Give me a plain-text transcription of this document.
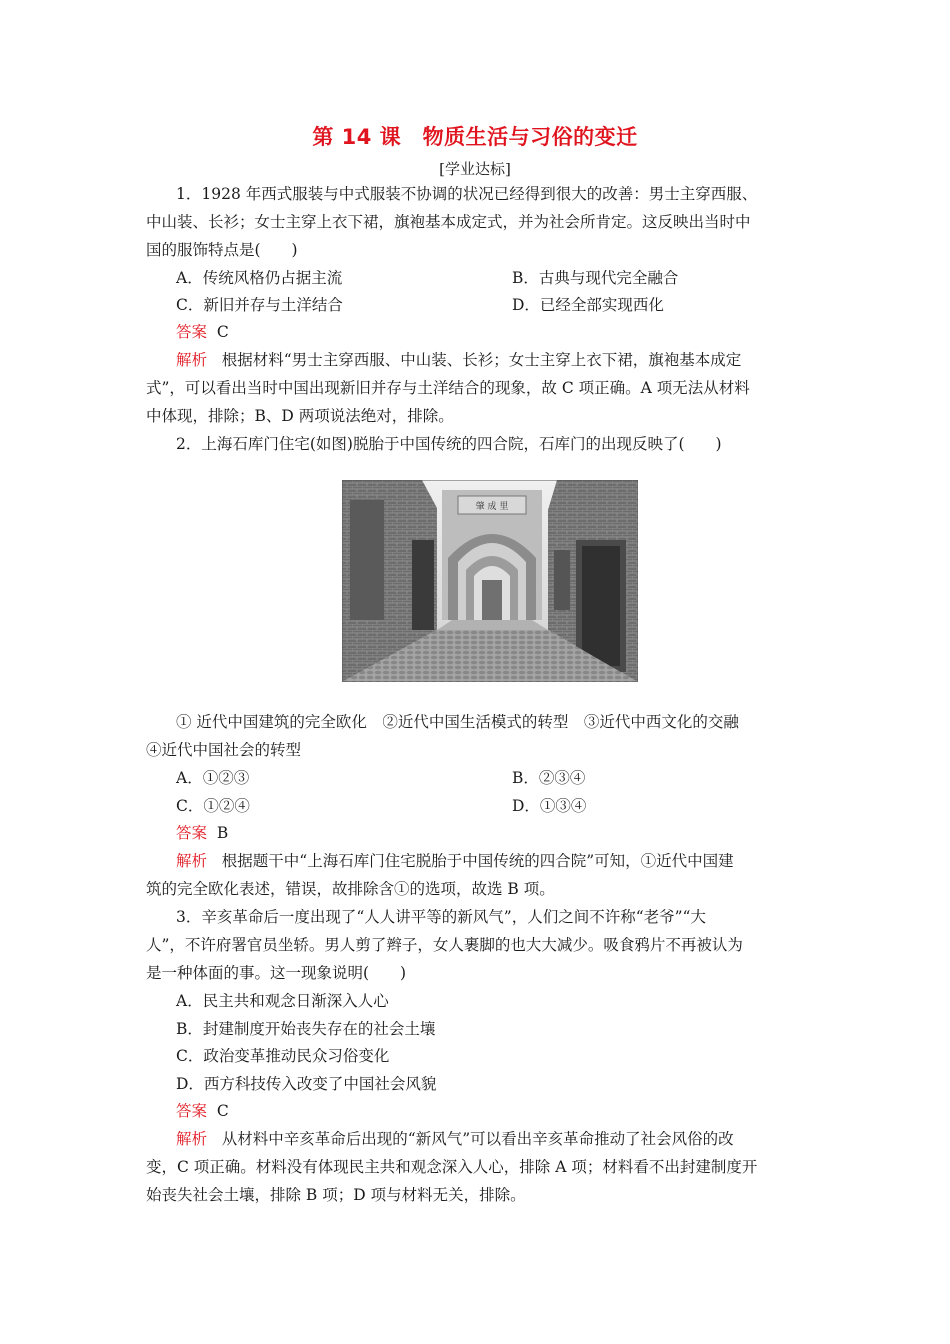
第 14 课　物质生活与习俗的变迁
[学业达标]
1．1928 年西式服装与中式服装不协调的状况已经得到很大的改善：男士主穿西服、
中山装、长衫；女士主穿上衣下裙，旗袍基本成定式，并为社会所肯定。这反映出当时中
国的服饰特点是(　　)
A．传统风格仍占据主流	B．古典与现代完全融合
C．新旧并存与土洋结合	D．已经全部实现西化
答案 C
解析 根据材料“男士主穿西服、中山装、长衫；女士主穿上衣下裙，旗袍基本成定
式”，可以看出当时中国出现新旧并存与土洋结合的现象，故 C 项正确。A 项无法从材料
中体现，排除；B、D 两项说法绝对，排除。
2．上海石库门住宅(如图)脱胎于中国传统的四合院，石库门的出现反映了(　　)
肇 成 里
① 近代中国建筑的完全欧化　②近代中国生活模式的转型　③近代中西文化的交融
④近代中国社会的转型
A．①②③	B．②③④
C．①②④	D．①③④
答案 B
解析 根据题干中“上海石库门住宅脱胎于中国传统的四合院”可知，①近代中国建
筑的完全欧化表述，错误，故排除含①的选项，故选 B 项。
3．辛亥革命后一度出现了“人人讲平等的新风气”，人们之间不许称“老爷”“大
人”，不许府署官员坐轿。男人剪了辫子，女人裹脚的也大大减少。吸食鸦片不再被认为
是一种体面的事。这一现象说明(　　)
A．民主共和观念日渐深入人心
B．封建制度开始丧失存在的社会土壤
C．政治变革推动民众习俗变化
D．西方科技传入改变了中国社会风貌
答案 C
解析 从材料中辛亥革命后出现的“新风气”可以看出辛亥革命推动了社会风俗的改
变，C 项正确。材料没有体现民主共和观念深入人心，排除 A 项；材料看不出封建制度开
始丧失社会土壤，排除 B 项；D 项与材料无关，排除。
